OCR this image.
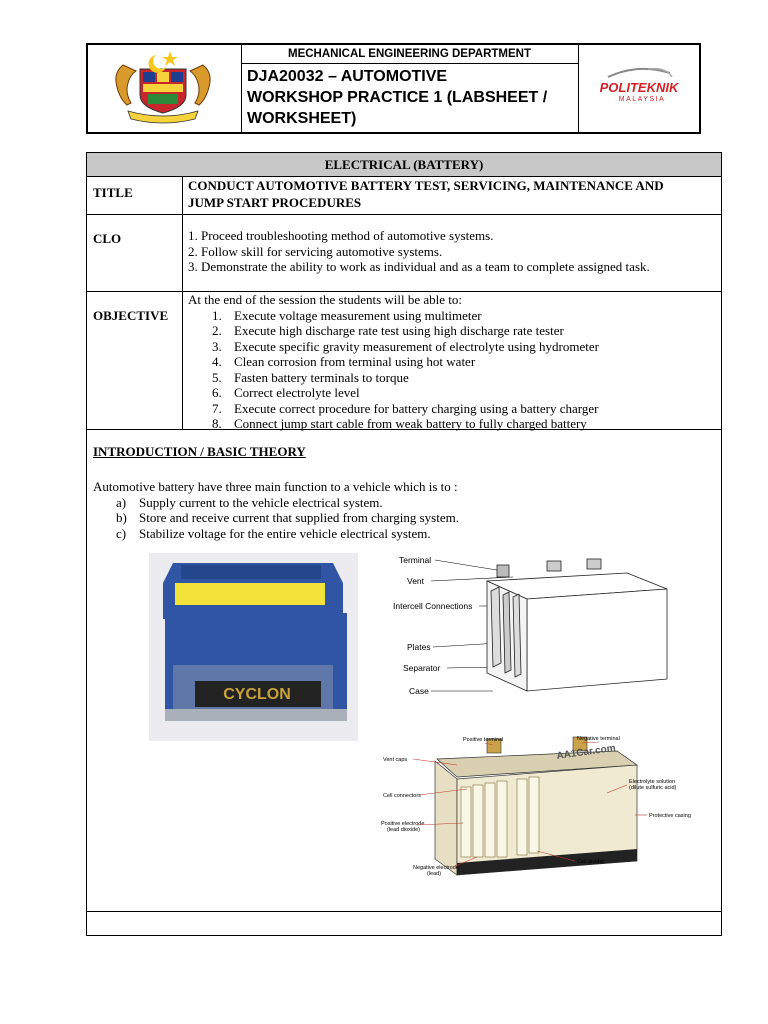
MECHANICAL ENGINEERING DEPARTMENT
DJA20032 – AUTOMOTIVE
WORKSHOP PRACTICE 1 (LABSHEET /
WORKSHEET)
POLITEKNIK
MALAYSIA
ELECTRICAL (BATTERY)
TITLE	CONDUCT AUTOMOTIVE BATTERY TEST, SERVICING, MAINTENANCE AND
JUMP START PROCEDURES
CLO	1. Proceed troubleshooting method of automotive systems.
2. Follow skill for servicing automotive systems.
3. Demonstrate the ability to work as individual and as a team to complete assigned task.
OBJECTIVE
At the end of the session the students will be able to:
1. Execute voltage measurement using multimeter
2. Execute high discharge rate test using high discharge rate tester
3. Execute specific gravity measurement of electrolyte using hydrometer
4. Clean corrosion from terminal using hot water
5. Fasten battery terminals to torque
6. Correct electrolyte level
7. Execute correct procedure for battery charging using a battery charger
8. Connect jump start cable from weak battery to fully charged battery
INTRODUCTION / BASIC THEORY
Automotive battery have three main function to a vehicle which is to :
a) Supply current to the vehicle electrical system.
b) Store and receive current that supplied from charging system.
c) Stabilize voltage for the entire vehicle electrical system.
CYCLON
Terminal
Vent
Intercell Connections
Plates
Separator
Case
AA1Car.com
Positive terminal	Negative terminal
Vent caps
Electrolyte solution
(dilute sulfuric acid)
Cell connectors
Protective casing
Positive electrode
(lead dioxide)
Cell divider
Negative electrode
(lead)
